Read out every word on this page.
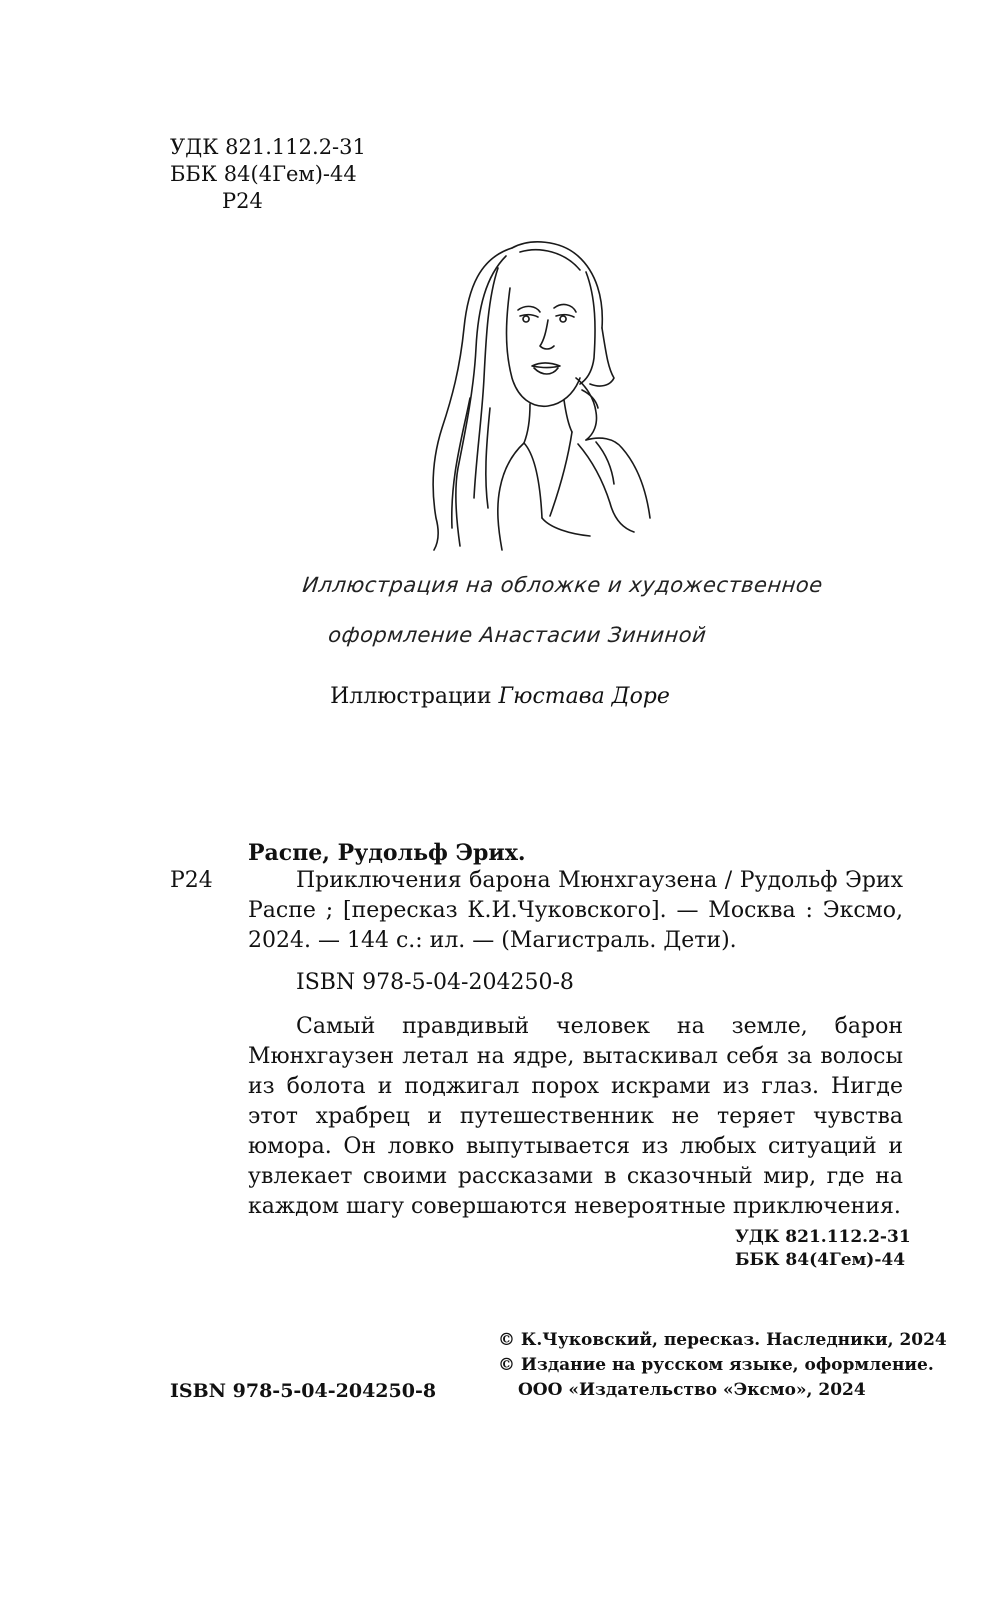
УДК 821.112.2-31
ББК 84(4Гем)-44
Р24
Иллюстрация на обложке и художественное
оформление Анастасии Зининой
Иллюстрации Гюстава Доре
Распе, Рудольф Эрих.
Р24	Приключения барона Мюнхгаузена / Рудольф Эрих Распе ; [пересказ К.И.Чуковского]. — Москва : Эксмо, 2024. — 144 с.: ил. — (Магистраль. Дети).
ISBN 978-5-04-204250-8
Самый правдивый человек на земле, барон Мюнхгаузен летал на ядре, вытаскивал себя за волосы из болота и поджигал порох искрами из глаз. Нигде этот храбрец и путешественник не теряет чувства юмора. Он ловко выпутывается из любых ситуаций и увлекает своими рассказами в сказочный мир, где на каждом шагу совершаются невероятные приключения.
УДК 821.112.2-31
ББК 84(4Гем)-44
ISBN 978-5-04-204250-8
© К.Чуковский, пересказ. Наследники, 2024
© Издание на русском языке, оформление.
ООО «Издательство «Эксмо», 2024
